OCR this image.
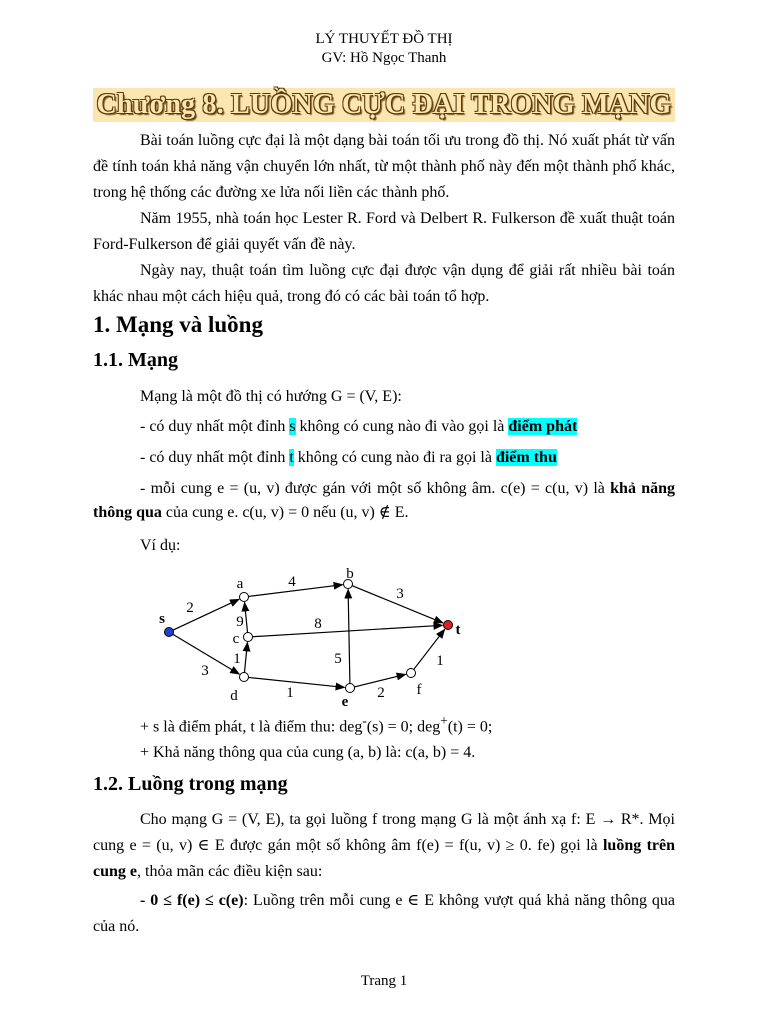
LÝ THUYẾT ĐỒ THỊ
GV: Hồ Ngọc Thanh
Chương 8. LUỒNG CỰC ĐẠI TRONG MẠNG

Bài toán luồng cực đại là một dạng bài toán tối ưu trong đồ thị. Nó xuất phát từ vấn đề tính toán khả năng vận chuyển lớn nhất, từ một thành phố này đến một thành phố khác, trong hệ thống các đường xe lửa nối liền các thành phố.

Năm 1955, nhà toán học Lester R. Ford và Delbert R. Fulkerson đề xuất thuật toán Ford-Fulkerson để giải quyết vấn đề này.

Ngày nay, thuật toán tìm luồng cực đại được vận dụng để giải rất nhiều bài toán khác nhau một cách hiệu quả, trong đó có các bài toán tổ hợp.

1. Mạng và luồng
1.1. Mạng
Mạng là một đồ thị có hướng G = (V, E):
- có duy nhất một đỉnh s không có cung nào đi vào gọi là điểm phát
- có duy nhất một đỉnh t không có cung nào đi ra gọi là điểm thu

- mỗi cung e = (u, v) được gán với một số không âm. c(e) = c(u, v) là khả năng thông qua của cung e. c(u, v) = 0 nếu (u, v) ∉ E.

Ví dụ:
2
3
4
3
9	8
1	5
1	2
1
s
a
b
c
d	e
f
t
+ s là điểm phát, t là điểm thu: deg-(s) = 0; deg+(t) = 0;
+ Khả năng thông qua của cung (a, b) là: c(a, b) = 4.
1.2. Luồng trong mạng

Cho mạng G = (V, E), ta gọi luồng f trong mạng G là một ánh xạ f: E → R*. Mọi cung e = (u, v) ∈ E được gán một số không âm f(e) = f(u, v) ≥ 0. fe) gọi là luồng trên cung e, thỏa mãn các điều kiện sau:

- 0 ≤ f(e) ≤ c(e): Luồng trên mỗi cung e ∈ E không vượt quá khả năng thông qua của nó.

Trang 1
